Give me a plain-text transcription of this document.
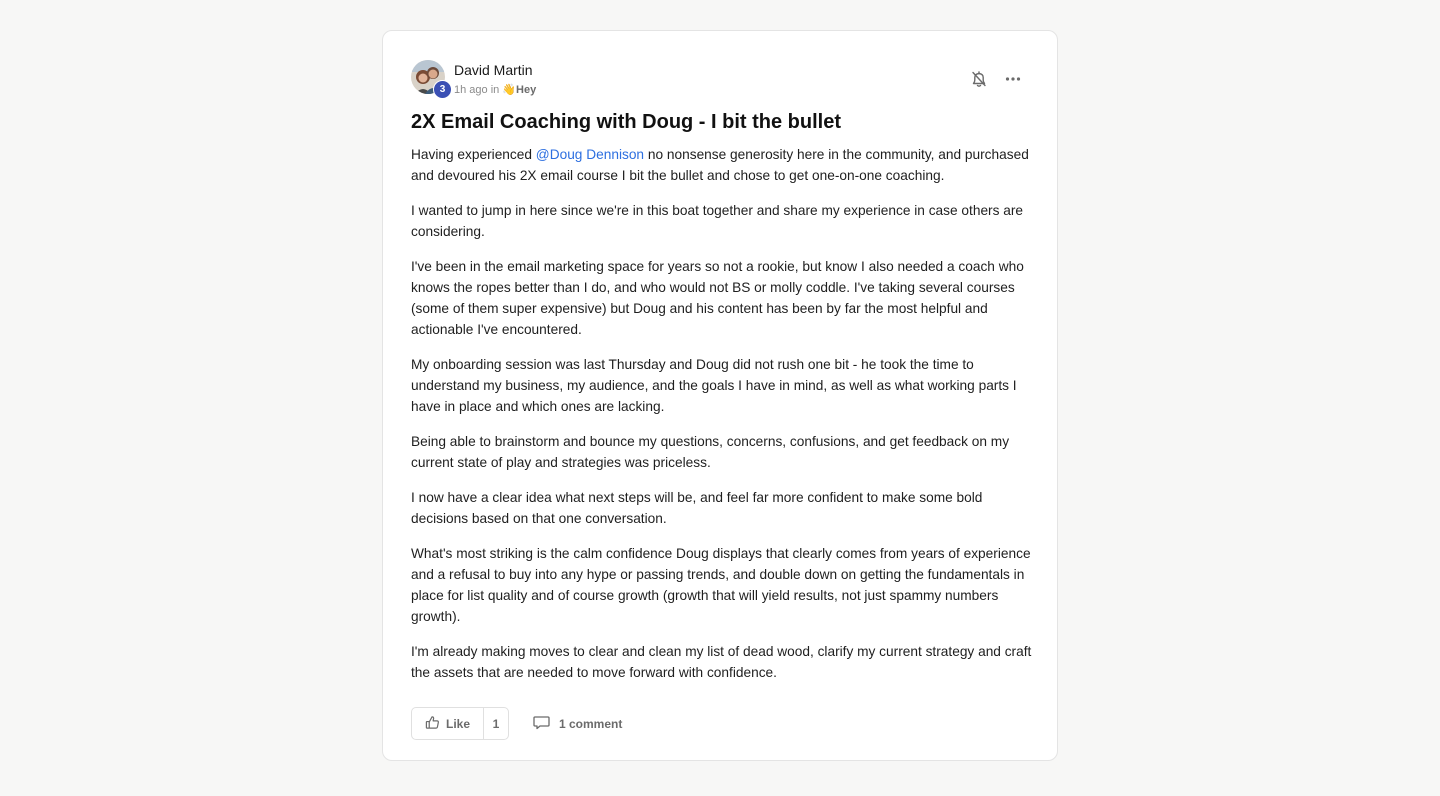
3
David Martin
1h ago in 👋Hey
2X Email Coaching with Doug - I bit the bullet

Having experienced @Doug Dennison no nonsense generosity here in the community, and purchased and devoured his 2X email course I bit the bullet and chose to get one-on-one coaching.

I wanted to jump in here since we're in this boat together and share my experience in case others are considering.

I've been in the email marketing space for years so not a rookie, but know I also needed a coach who knows the ropes better than I do, and who would not BS or molly coddle. I've taking several courses (some of them super expensive) but Doug and his content has been by far the most helpful and actionable I've encountered.

My onboarding session was last Thursday and Doug did not rush one bit - he took the time to understand my business, my audience, and the goals I have in mind, as well as what working parts I have in place and which ones are lacking.

Being able to brainstorm and bounce my questions, concerns, confusions, and get feedback on my current state of play and strategies was priceless.

I now have a clear idea what next steps will be, and feel far more confident to make some bold decisions based on that one conversation.

What's most striking is the calm confidence Doug displays that clearly comes from years of experience and a refusal to buy into any hype or passing trends, and double down on getting the fundamentals in place for list quality and of course growth (growth that will yield results, not just spammy numbers growth).

I'm already making moves to clear and clean my list of dead wood, clarify my current strategy and craft the assets that are needed to move forward with confidence.

Like	1	1 comment
